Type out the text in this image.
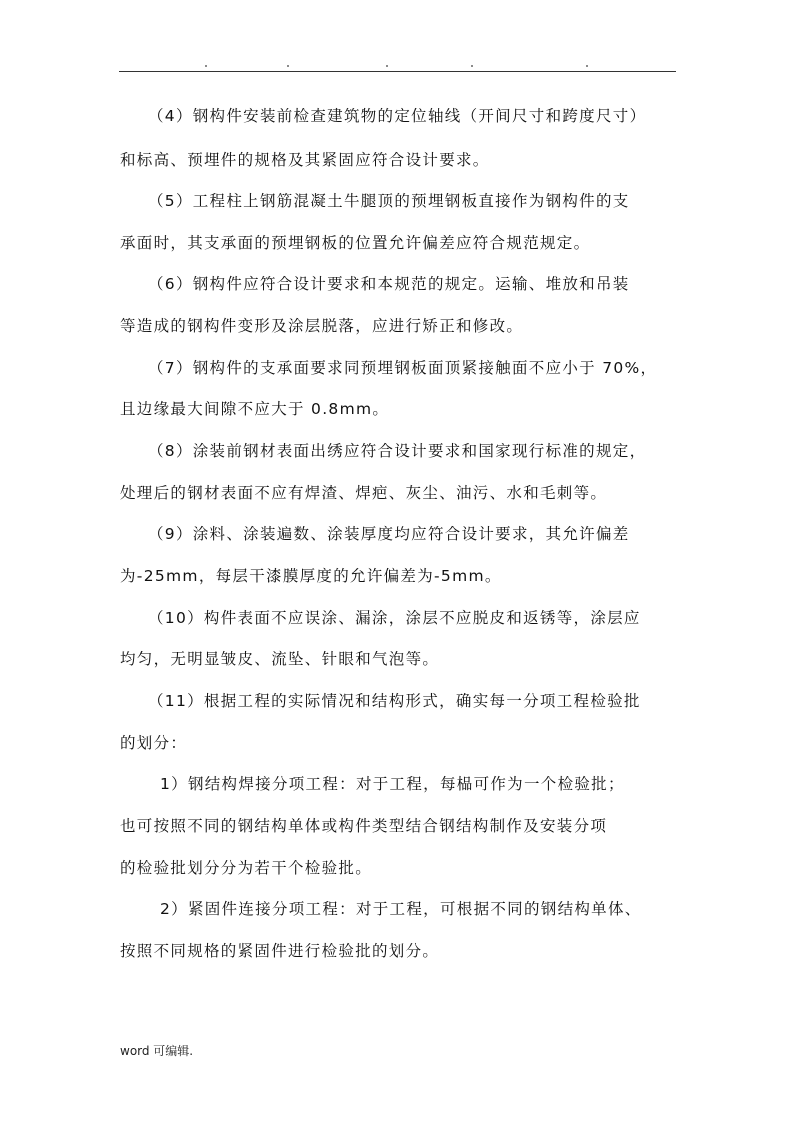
（4）钢构件安装前检查建筑物的定位轴线（开间尺寸和跨度尺寸）
和标高、预埋件的规格及其紧固应符合设计要求。
（5）工程柱上钢筋混凝土牛腿顶的预埋钢板直接作为钢构件的支
承面时，其支承面的预埋钢板的位置允许偏差应符合规范规定。
（6）钢构件应符合设计要求和本规范的规定。运输、堆放和吊装
等造成的钢构件变形及涂层脱落，应进行矫正和修改。
（7）钢构件的支承面要求同预埋钢板面顶紧接触面不应小于 70%，
且边缘最大间隙不应大于 0.8mm。
（8）涂装前钢材表面出绣应符合设计要求和国家现行标准的规定，
处理后的钢材表面不应有焊渣、焊疤、灰尘、油污、水和毛刺等。
（9）涂料、涂装遍数、涂装厚度均应符合设计要求，其允许偏差
为-25mm，每层干漆膜厚度的允许偏差为-5mm。
（10）构件表面不应误涂、漏涂，涂层不应脱皮和返锈等，涂层应
均匀，无明显皱皮、流坠、针眼和气泡等。
（11）根据工程的实际情况和结构形式，确实每一分项工程检验批
的划分：
1）钢结构焊接分项工程：对于工程，每榀可作为一个检验批；
也可按照不同的钢结构单体或构件类型结合钢结构制作及安装分项
的检验批划分分为若干个检验批。
2）紧固件连接分项工程：对于工程，可根据不同的钢结构单体、
按照不同规格的紧固件进行检验批的划分。
word 可编辑.
